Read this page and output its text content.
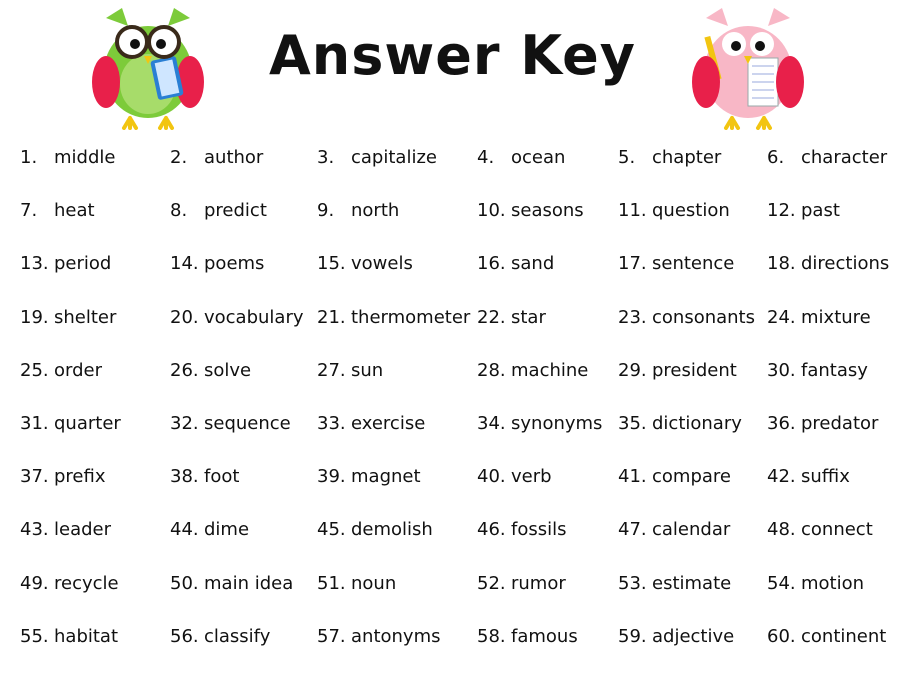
Answer Key
1. middle	2. author	3. capitalize 4. ocean	5. chapter	6. character
7. heat	8. predict	9. north	10. seasons 11. question 12. past
13. period	14. poems	15. vowels	16. sand	17. sentence 18. directions
19. shelter	20. vocabulary 21. thermometer 22. star	23. consonants 24. mixture
25. order	26. solve	27. sun	28. machine 29. president 30. fantasy
31. quarter	32. sequence 33. exercise	34. synonyms 35. dictionary 36. predator
37. prefix	38. foot	39. magnet	40. verb	41. compare 42. suffix
43. leader	44. dime	45. demolish 46. fossils	47. calendar 48. connect
49. recycle	50. main idea 51. noun	52. rumor	53. estimate 54. motion
55. habitat	56. classify	57. antonyms 58. famous 59. adjective 60. continent
